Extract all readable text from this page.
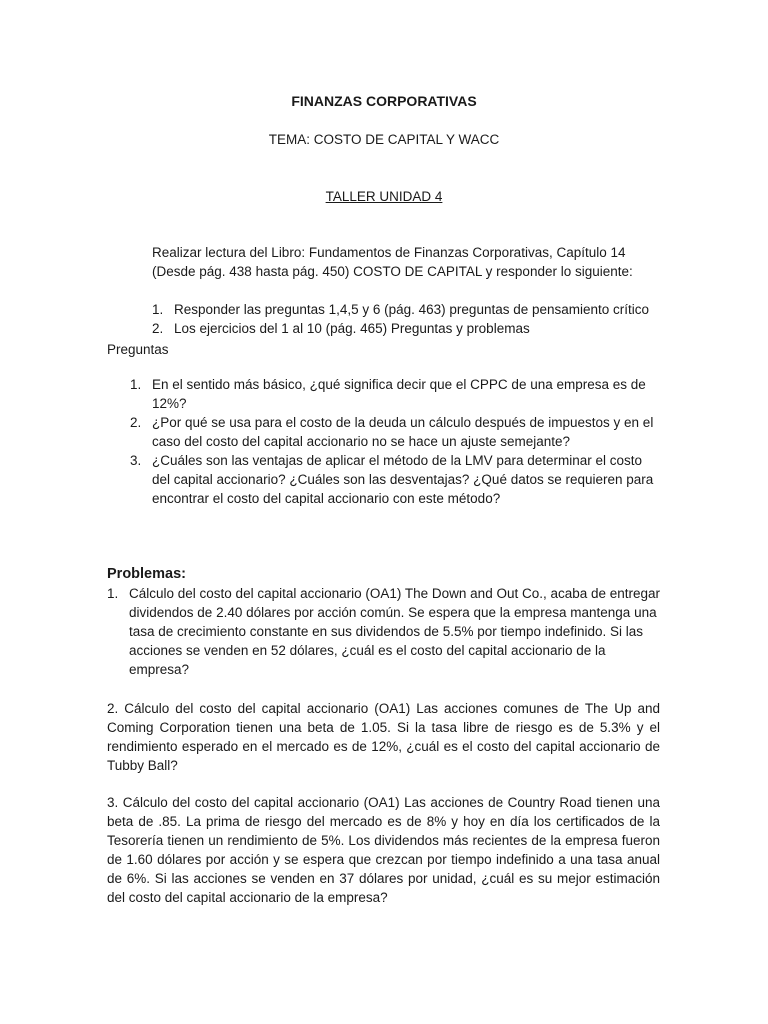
FINANZAS CORPORATIVAS
TEMA: COSTO DE CAPITAL Y WACC
TALLER UNIDAD 4
Realizar lectura del Libro: Fundamentos de Finanzas Corporativas, Capítulo 14 (Desde pág. 438 hasta pág. 450) COSTO DE CAPITAL y responder lo siguiente:
1. Responder las preguntas 1,4,5 y 6 (pág. 463) preguntas de pensamiento crítico
2. Los ejercicios del 1 al 10 (pág. 465) Preguntas y problemas
Preguntas
1. En el sentido más básico, ¿qué significa decir que el CPPC de una empresa es de 12%?
2. ¿Por qué se usa para el costo de la deuda un cálculo después de impuestos y en el caso del costo del capital accionario no se hace un ajuste semejante?
3. ¿Cuáles son las ventajas de aplicar el método de la LMV para determinar el costo del capital accionario? ¿Cuáles son las desventajas? ¿Qué datos se requieren para encontrar el costo del capital accionario con este método?
Problemas:
1. Cálculo del costo del capital accionario (OA1) The Down and Out Co., acaba de entregar dividendos de 2.40 dólares por acción común. Se espera que la empresa mantenga una tasa de crecimiento constante en sus dividendos de 5.5% por tiempo indefinido. Si las acciones se venden en 52 dólares, ¿cuál es el costo del capital accionario de la empresa?
2. Cálculo del costo del capital accionario (OA1) Las acciones comunes de The Up and Coming Corporation tienen una beta de 1.05. Si la tasa libre de riesgo es de 5.3% y el rendimiento esperado en el mercado es de 12%, ¿cuál es el costo del capital accionario de Tubby Ball?
3. Cálculo del costo del capital accionario (OA1) Las acciones de Country Road tienen una beta de .85. La prima de riesgo del mercado es de 8% y hoy en día los certificados de la Tesorería tienen un rendimiento de 5%. Los dividendos más recientes de la empresa fueron de 1.60 dólares por acción y se espera que crezcan por tiempo indefinido a una tasa anual de 6%. Si las acciones se venden en 37 dólares por unidad, ¿cuál es su mejor estimación del costo del capital accionario de la empresa?
